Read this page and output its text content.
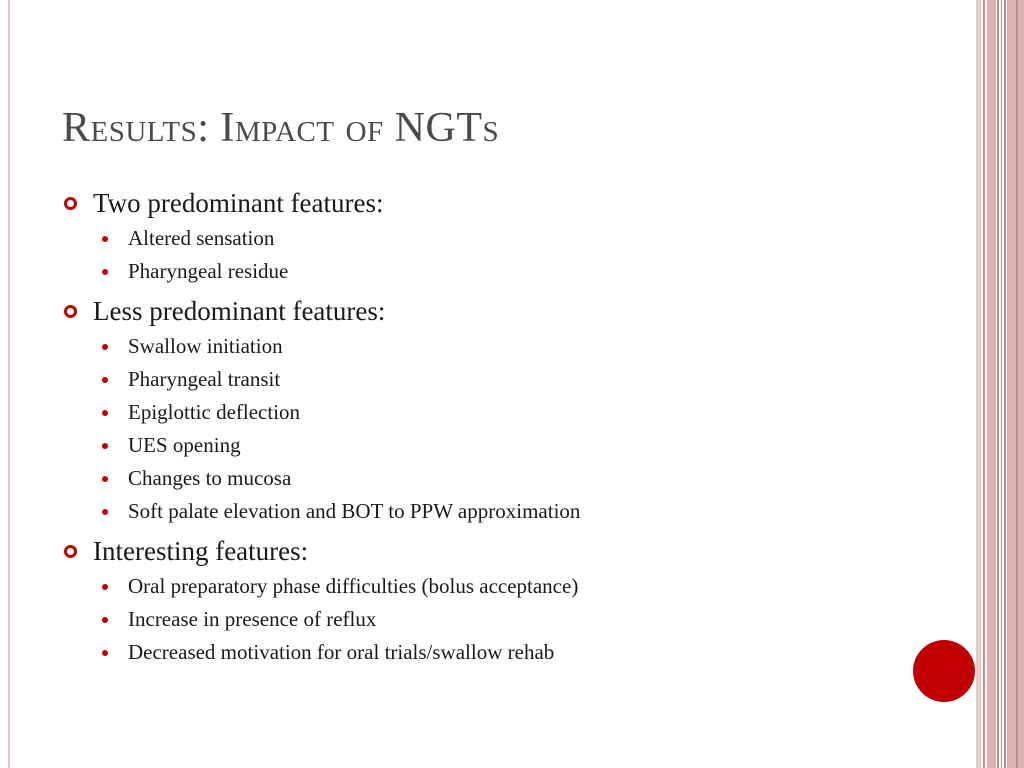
Results: Impact of NGTs
Two predominant features:
Altered sensation
Pharyngeal residue
Less predominant features:
Swallow initiation
Pharyngeal transit
Epiglottic deflection
UES opening
Changes to mucosa
Soft palate elevation and BOT to PPW approximation
Interesting features:
Oral preparatory phase difficulties (bolus acceptance)
Increase in presence of reflux
Decreased motivation for oral trials/swallow rehab
